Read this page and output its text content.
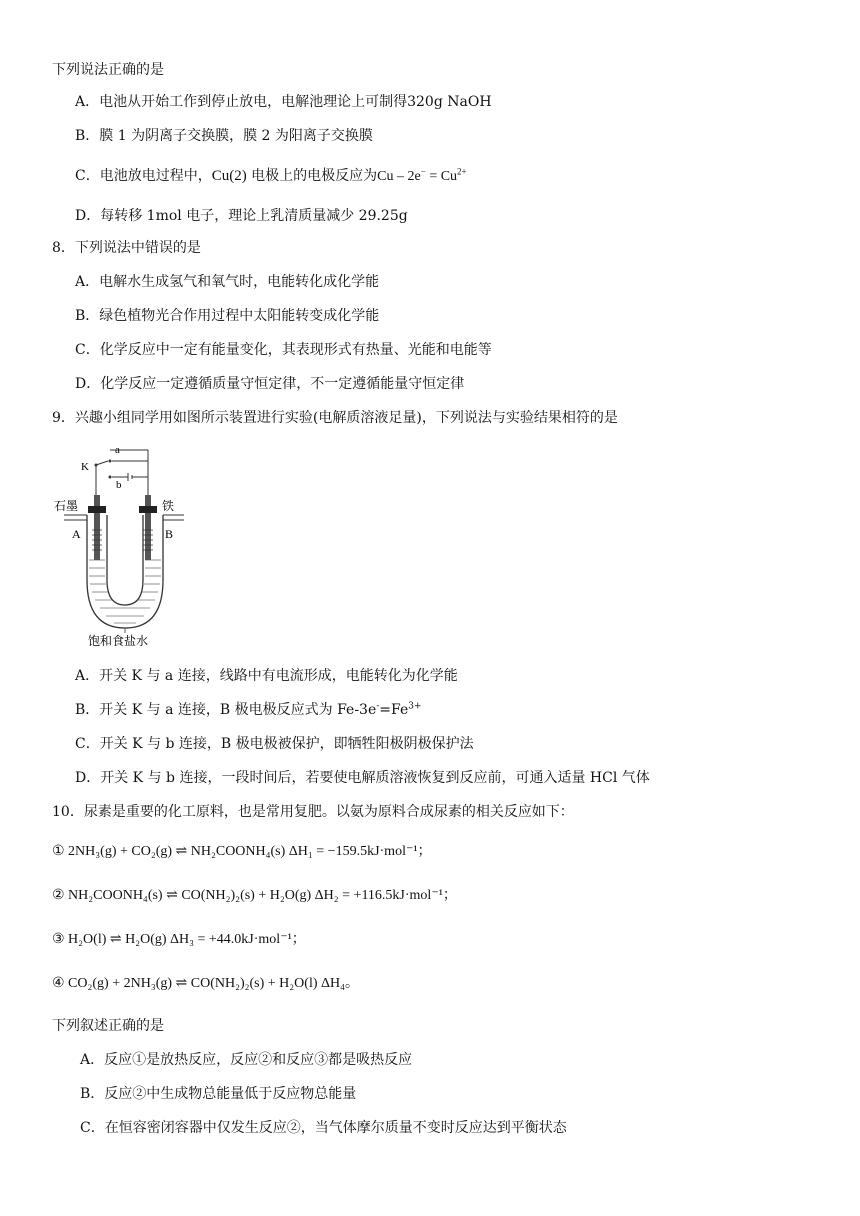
下列说法正确的是
A．电池从开始工作到停止放电，电解池理论上可制得320g NaOH
B．膜 1 为阴离子交换膜，膜 2 为阳离子交换膜
C．电池放电过程中，Cu(2) 电极上的电极反应为$Cu - 2e^- = Cu^{2+}$
D．每转移 1mol 电子，理论上乳清质量减少 29.25g
8．下列说法中错误的是
A．电解水生成氢气和氧气时，电能转化成化学能
B．绿色植物光合作用过程中太阳能转变成化学能
C．化学反应中一定有能量变化，其表现形式有热量、光能和电能等
D．化学反应一定遵循质量守恒定律，不一定遵循能量守恒定律
9．兴趣小组同学用如图所示装置进行实验(电解质溶液足量)，下列说法与实验结果相符的是
a
b
K
石墨	铁
A	B
饱和食盐水
A．开关 K 与 a 连接，线路中有电流形成，电能转化为化学能
B．开关 K 与 a 连接，B 极电极反应式为 $Fe-3e^-=Fe^{3+}$
C．开关 K 与 b 连接，B 极电极被保护，即牺牲阳极阴极保护法
D．开关 K 与 b 连接，一段时间后，若要使电解质溶液恢复到反应前，可通入适量 HCl 气体
10．尿素是重要的化工原料，也是常用复肥。以氨为原料合成尿素的相关反应如下：
① 2NH₃(g) + CO₂(g) ⇌ NH₂COONH₄(s) ΔH₁ = −159.5kJ·mol⁻¹；
② NH₂COONH₄(s) ⇌ CO(NH₂)₂(s) + H₂O(g) ΔH₂ = +116.5kJ·mol⁻¹；
③ H₂O(l) ⇌ H₂O(g) ΔH₃ = +44.0kJ·mol⁻¹；
④ CO₂(g) + 2NH₃(g) ⇌ CO(NH₂)₂(s) + H₂O(l) ΔH₄。
下列叙述正确的是
A．反应①是放热反应，反应②和反应③都是吸热反应
B．反应②中生成物总能量低于反应物总能量
C．在恒容密闭容器中仅发生反应②，当气体摩尔质量不变时反应达到平衡状态
